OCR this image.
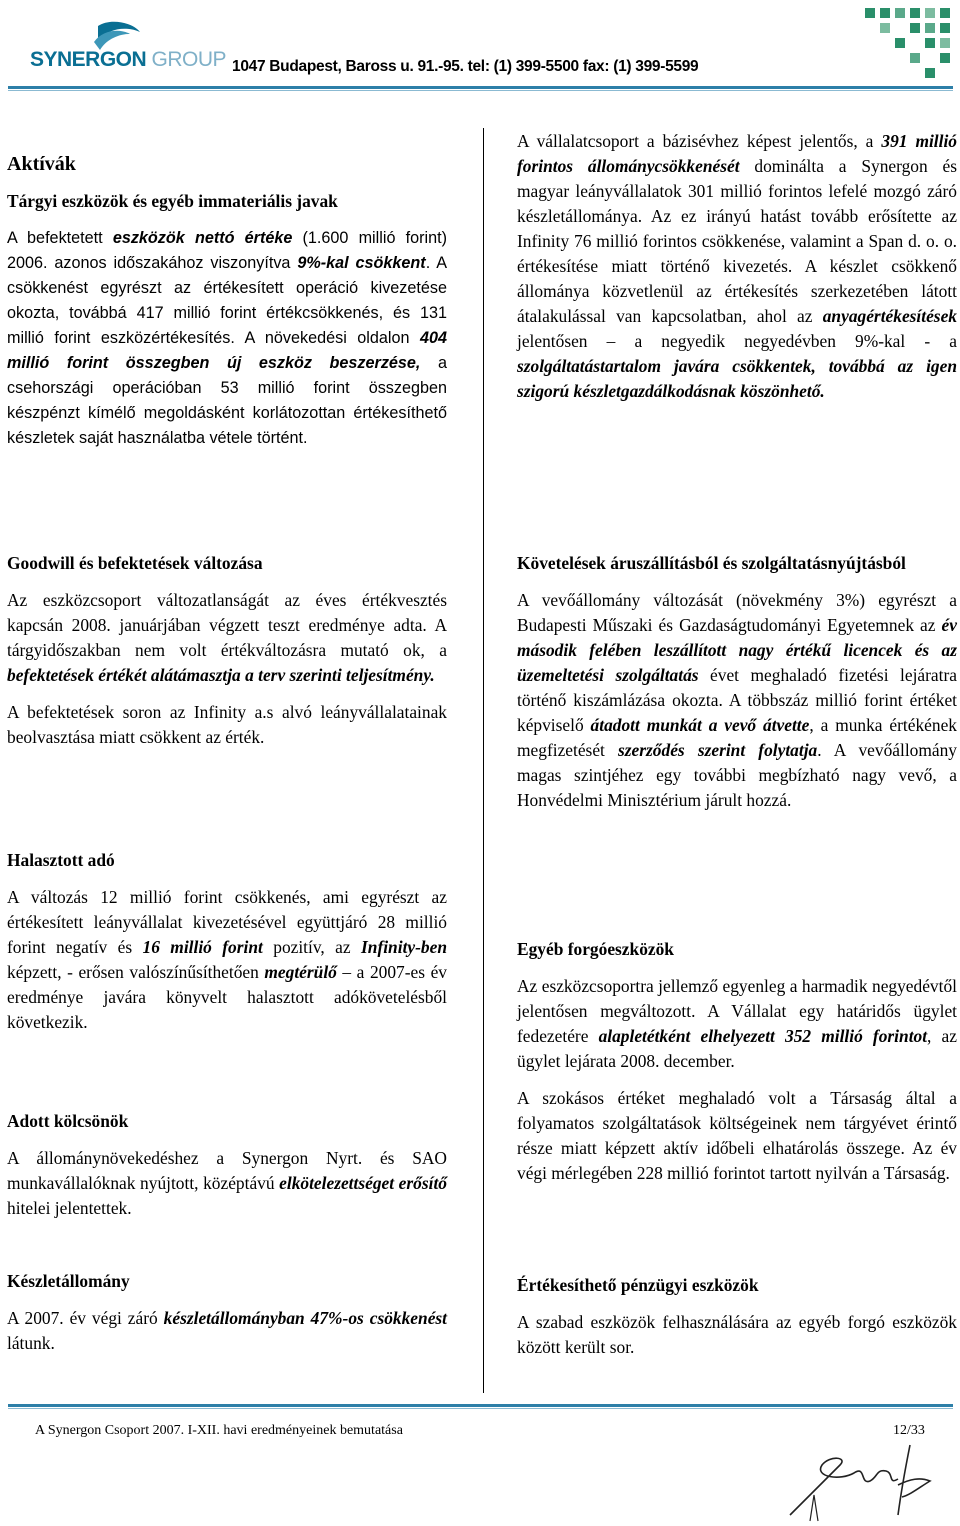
SYNERGON GROUP 1047 Budapest, Baross u. 91.-95. tel: (1) 399-5500 fax: (1) 399-5599

Aktívák

Tárgyi eszközök és egyéb immateriális javak

A befektetett eszközök nettó értéke (1.600 millió forint) 2006. azonos időszakához viszonyítva 9%-kal csökkent. A csökkenést egyrészt az értékesített operáció kivezetése okozta, továbbá 417 millió forint értékcsökkenés, és 131 millió forint eszközértékesítés. A növekedési oldalon 404 millió forint összegben új eszköz beszerzése, a csehországi operációban 53 millió forint összegben készpénzt kímélő megoldásként korlátozottan értékesíthető készletek saját használatba vétele történt.

Goodwill és befektetések változása

Az eszközcsoport változatlanságát az éves értékvesztés kapcsán 2008. januárjában végzett teszt eredménye adta. A tárgyidőszakban nem volt értékváltozásra mutató ok, a befektetések értékét alátámasztja a terv szerinti teljesítmény.

A befektetések soron az Infinity a.s alvó leányvállalatainak beolvasztása miatt csökkent az érték.

Halasztott adó

A változás 12 millió forint csökkenés, ami egyrészt az értékesített leányvállalat kivezetésével együttjáró 28 millió forint negatív és 16 millió forint pozitív, az Infinity-ben képzett, - erősen valószínűsíthetően megtérülő – a 2007-es év eredménye javára könyvelt halasztott adókövetelésből következik.

Adott kölcsönök

A állománynövekedéshez a Synergon Nyrt. és SAO munkavállalóknak nyújtott, középtávú elkötelezettséget erősítő hitelei jelentettek.

Készletállomány

A 2007. év végi záró készletállományban 47%-os csökkenést látunk.

A vállalatcsoport a bázisévhez képest jelentős, a 391 millió forintos állománycsökkenését dominálta a Synergon és magyar leányvállalatok 301 millió forintos lefelé mozgó záró készletállománya. Az ez irányú hatást tovább erősítette az Infinity 76 millió forintos csökkenése, valamint a Span d. o. o. értékesítése miatt történő kivezetés. A készlet csökkenő állománya közvetlenül az értékesítés szerkezetében látott átalakulással van kapcsolatban, ahol az anyagértékesítések jelentősen – a negyedik negyedévben 9%-kal - a szolgáltatástartalom javára csökkentek, továbbá az igen szigorú készletgazdálkodásnak köszönhető.

Követelések áruszállításból és szolgáltatásnyújtásból

A vevőállomány változását (növekmény 3%) egyrészt a Budapesti Műszaki és Gazdaságtudományi Egyetemnek az év második felében leszállított nagy értékű licencek és az üzemeltetési szolgáltatás évet meghaladó fizetési lejáratra történő kiszámlázása okozta. A többszáz millió forint értéket képviselő átadott munkát a vevő átvette, a munka értékének megfizetését szerződés szerint folytatja. A vevőállomány magas szintjéhez egy további megbízható nagy vevő, a Honvédelmi Minisztérium járult hozzá.

Egyéb forgóeszközök

Az eszközcsoportra jellemző egyenleg a harmadik negyedévtől jelentősen megváltozott. A Vállalat egy határidős ügylet fedezetére alapletétként elhelyezett 352 millió forintot, az ügylet lejárata 2008. december.

A szokásos értéket meghaladó volt a Társaság által a folyamatos szolgáltatások költségeinek nem tárgyévet érintő része miatt képzett aktív időbeli elhatárolás összege. Az év végi mérlegében 228 millió forintot tartott nyilván a Társaság.

Értékesíthető pénzügyi eszközök

A szabad eszközök felhasználására az egyéb forgó eszközök között került sor.

A Synergon Csoport 2007. I-XII. havi eredményeinek bemutatása	12/33
